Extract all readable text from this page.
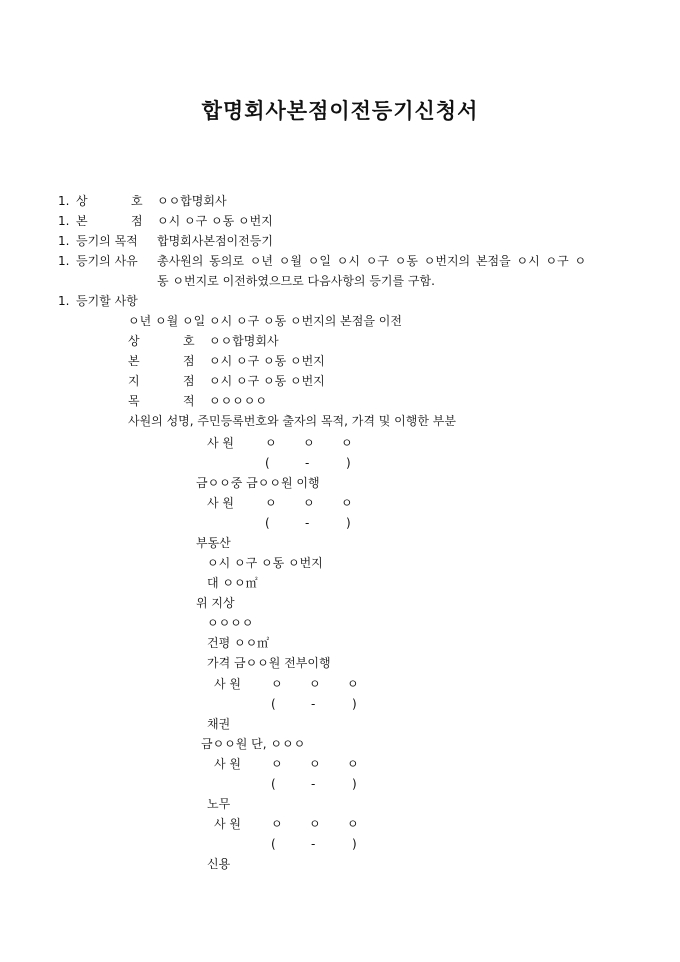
합명회사본점이전등기신청서
1. 상	호 ㅇㅇ합명회사
1. 본	점 ㅇ시 ㅇ구 ㅇ동 ㅇ번지
1. 등기의 목적 합명회사본점이전등기
1. 등기의 사유 총사원의 동의로 ㅇ년 ㅇ월 ㅇ일 ㅇ시 ㅇ구 ㅇ동 ㅇ번지의 본점을 ㅇ시 ㅇ구 ㅇ
동 ㅇ번지로 이전하였으므로 다음사항의 등기를 구함.
1. 등기할 사항
ㅇ년 ㅇ월 ㅇ일 ㅇ시 ㅇ구 ㅇ동 ㅇ번지의 본점을 이전
상	호 ㅇㅇ합명회사
본	점 ㅇ시 ㅇ구 ㅇ동 ㅇ번지
지	점 ㅇ시 ㅇ구 ㅇ동 ㅇ번지
목	적 ㅇㅇㅇㅇㅇ
사원의 성명, 주민등록번호와 출자의 목적, 가격 및 이행한 부분
사 원	ㅇ ㅇ ㅇ
(	-	)
금ㅇㅇ중 금ㅇㅇ원 이행
사 원	ㅇ ㅇ ㅇ
(	-	)
부동산
ㅇ시 ㅇ구 ㅇ동 ㅇ번지
대 ㅇㅇ㎡
위 지상
ㅇㅇㅇㅇ
건평 ㅇㅇ㎡
가격 금ㅇㅇ원 전부이행
사 원	ㅇ ㅇ ㅇ
(	-	)
채권
금ㅇㅇ원 단, ㅇㅇㅇ
사 원	ㅇ ㅇ ㅇ
(	-	)
노무
사 원	ㅇ ㅇ ㅇ
(	-	)
신용
